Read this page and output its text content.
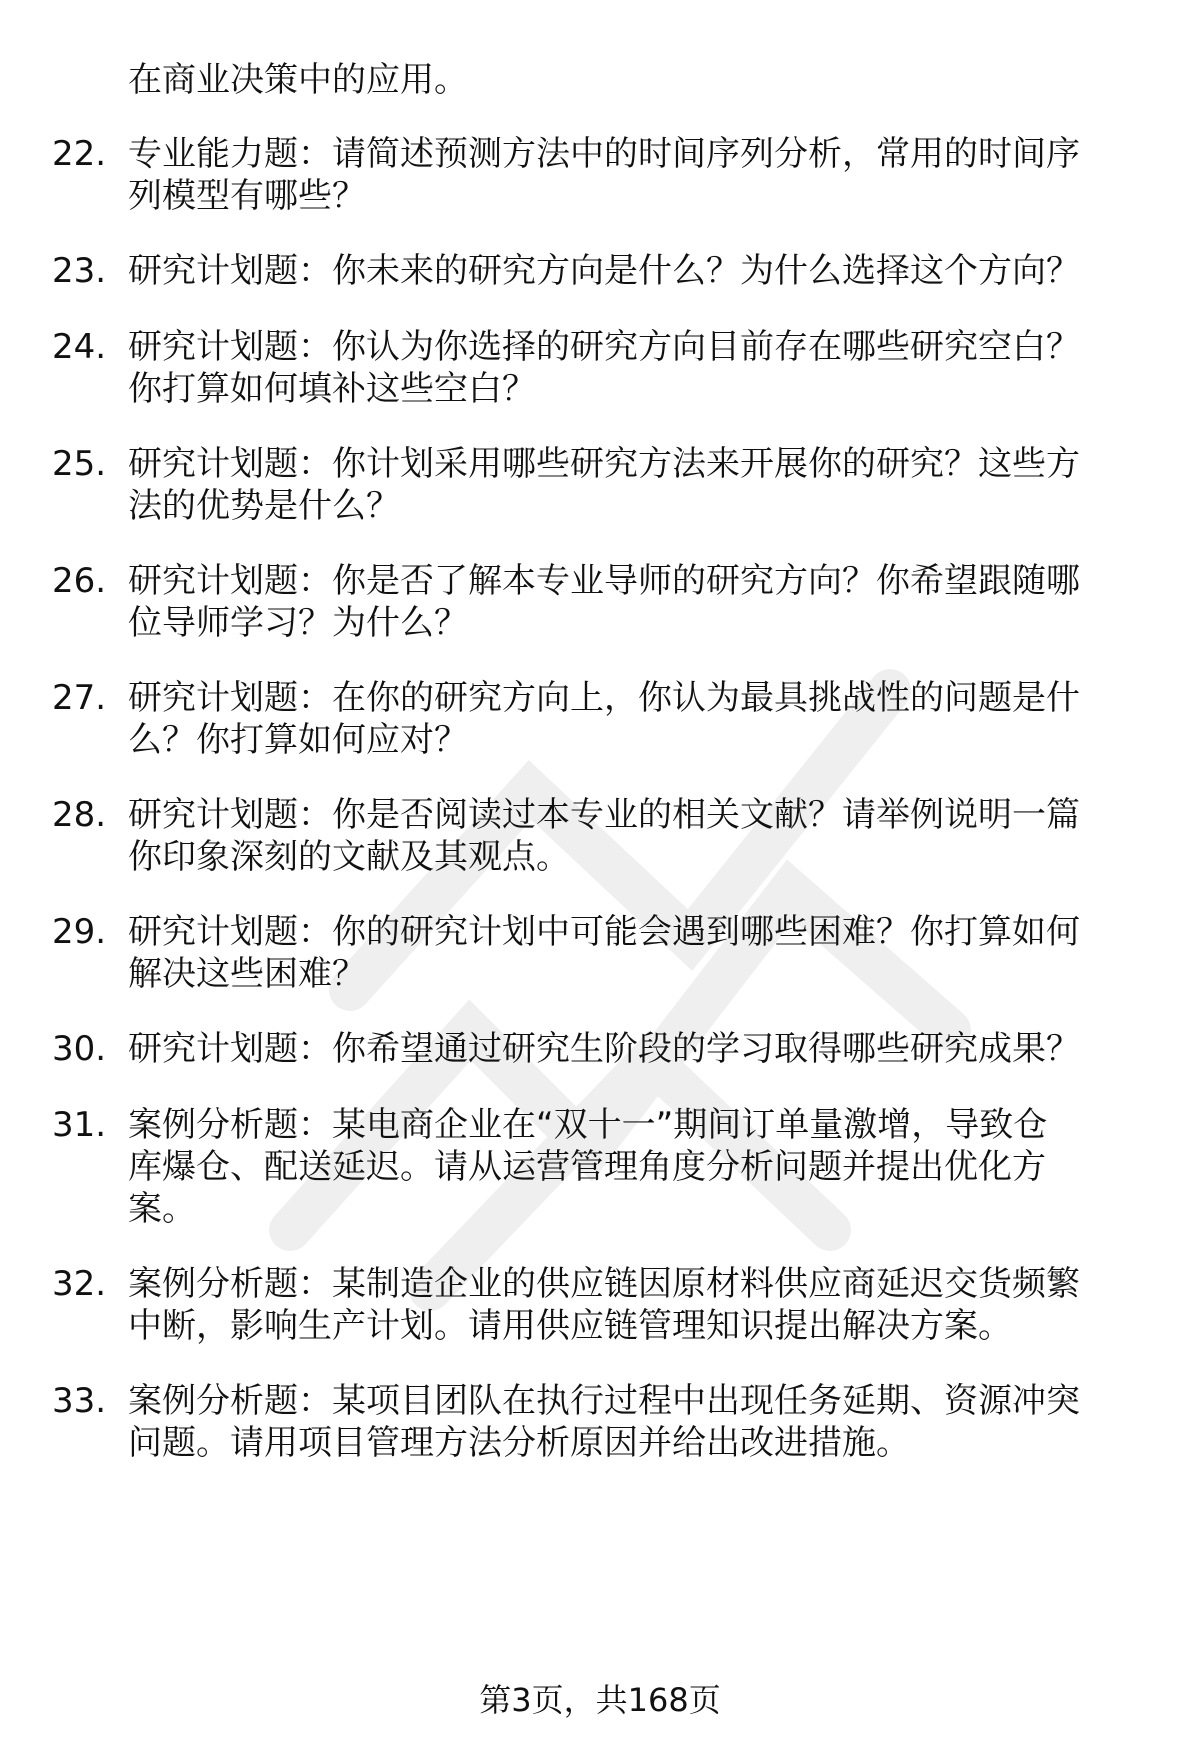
在商业决策中的应用。
22. 专业能力题：请简述预测方法中的时间序列分析，常用的时间序
列模型有哪些？
23. 研究计划题：你未来的研究方向是什么？为什么选择这个方向？
24. 研究计划题：你认为你选择的研究方向目前存在哪些研究空白？
你打算如何填补这些空白？
25. 研究计划题：你计划采用哪些研究方法来开展你的研究？这些方
法的优势是什么？
26. 研究计划题：你是否了解本专业导师的研究方向？你希望跟随哪
位导师学习？为什么？
27. 研究计划题：在你的研究方向上，你认为最具挑战性的问题是什
么？你打算如何应对？
28. 研究计划题：你是否阅读过本专业的相关文献？请举例说明一篇
你印象深刻的文献及其观点。
29. 研究计划题：你的研究计划中可能会遇到哪些困难？你打算如何
解决这些困难？
30. 研究计划题：你希望通过研究生阶段的学习取得哪些研究成果？
31. 案例分析题：某电商企业在“双十一”期间订单量激增，导致仓
库爆仓、配送延迟。请从运营管理角度分析问题并提出优化方
案。
32. 案例分析题：某制造企业的供应链因原材料供应商延迟交货频繁
中断，影响生产计划。请用供应链管理知识提出解决方案。
33. 案例分析题：某项目团队在执行过程中出现任务延期、资源冲突
问题。请用项目管理方法分析原因并给出改进措施。
第3页，共168页
